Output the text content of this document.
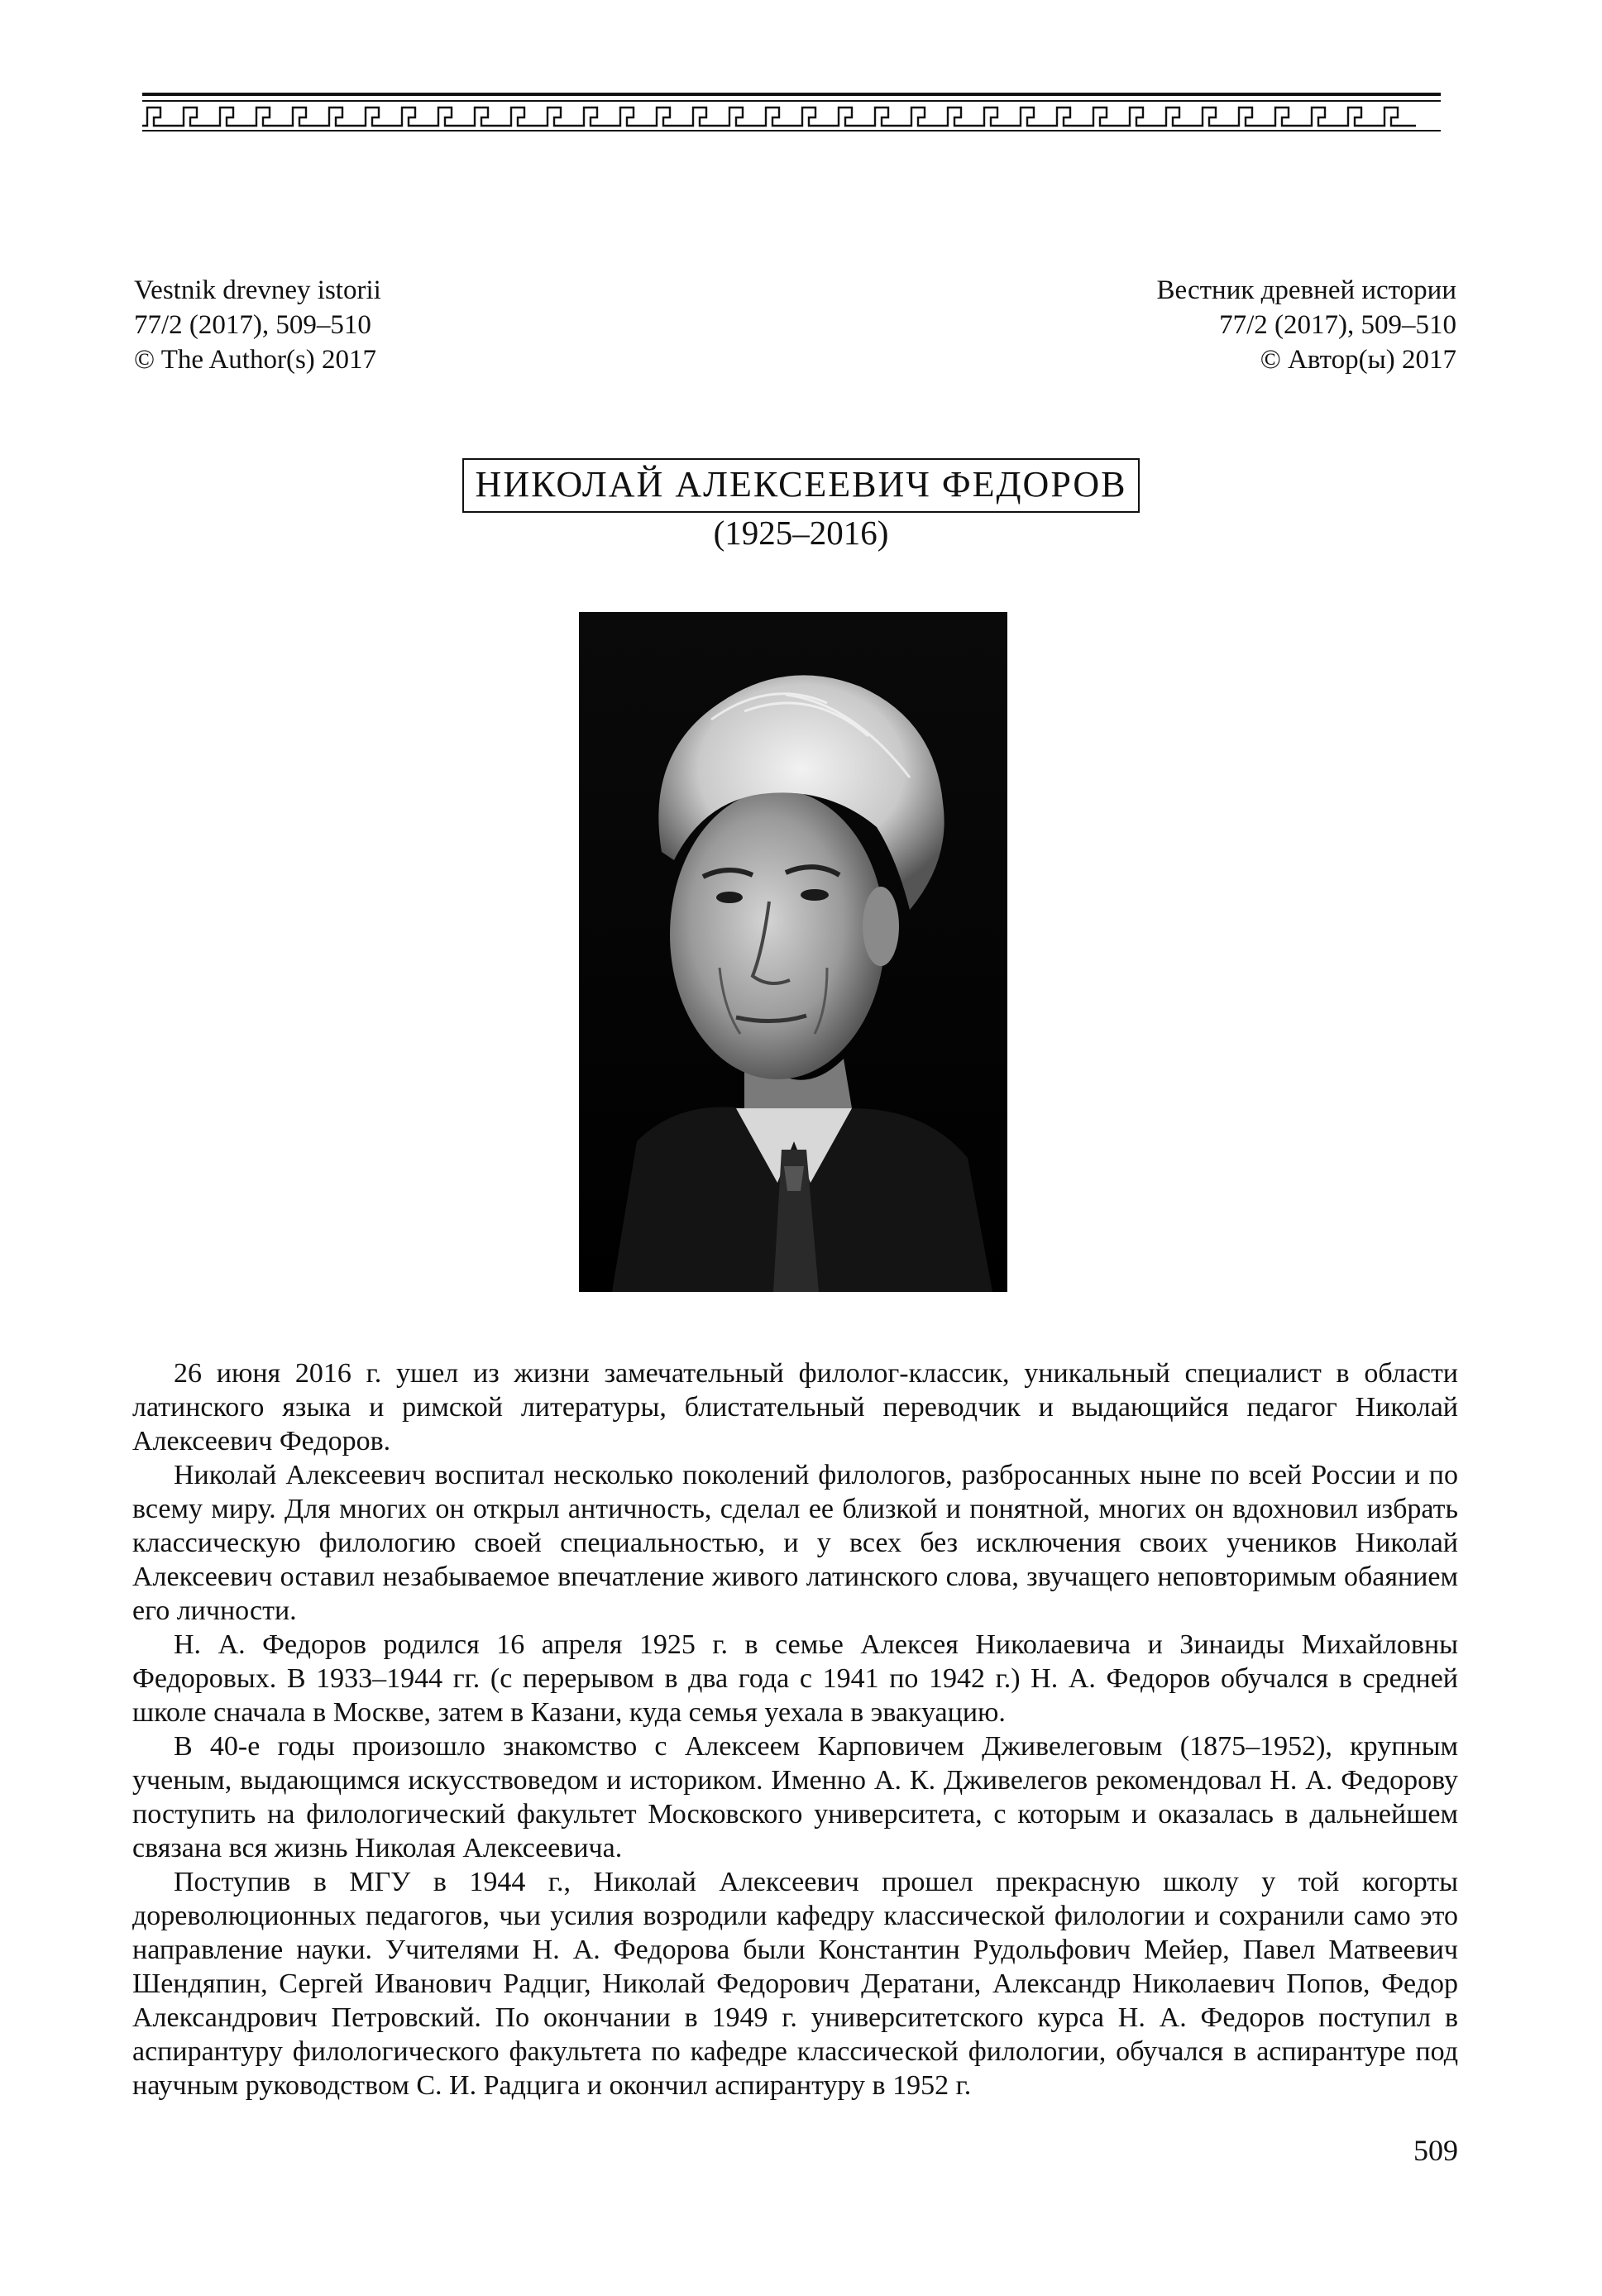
Vestnik drevney istorii
77/2 (2017), 509–510
© The Author(s) 2017
Вестник древней истории
77/2 (2017), 509–510
© Автор(ы) 2017
НИКОЛАЙ АЛЕКСЕЕВИЧ ФЕДОРОВ
(1925–2016)

26 июня 2016 г. ушел из жизни замечательный филолог-классик, уникальный специалист в области латинского языка и римской литературы, блистательный переводчик и выдающийся педагог Николай Алексеевич Федоров.

Николай Алексеевич воспитал несколько поколений филологов, разбросанных ныне по всей России и по всему миру. Для многих он открыл античность, сделал ее близкой и понятной, многих он вдохновил избрать классическую филологию своей специальностью, и у всех без исключения своих учеников Николай Алексеевич оставил незабываемое впечатление живого латинского слова, звучащего неповторимым обаянием его личности.

Н. А. Федоров родился 16 апреля 1925 г. в семье Алексея Николаевича и Зинаиды Михайловны Федоровых. В 1933–1944 гг. (с перерывом в два года с 1941 по 1942 г.) Н. А. Федоров обучался в средней школе сначала в Москве, затем в Казани, куда семья уехала в эвакуацию.

В 40-е годы произошло знакомство с Алексеем Карповичем Дживелеговым (1875–1952), крупным ученым, выдающимся искусствоведом и историком. Именно А. К. Дживелегов рекомендовал Н. А. Федорову поступить на филологический факультет Московского университета, с которым и оказалась в дальнейшем связана вся жизнь Николая Алексеевича.

Поступив в МГУ в 1944 г., Николай Алексеевич прошел прекрасную школу у той когорты дореволюционных педагогов, чьи усилия возродили кафедру классической филологии и сохранили само это направление науки. Учителями Н. А. Федорова были Константин Рудольфович Мейер, Павел Матвеевич Шендяпин, Сергей Иванович Радциг, Николай Федорович Дератани, Александр Николаевич Попов, Федор Александрович Петровский. По окончании в 1949 г. университетского курса Н. А. Федоров поступил в аспирантуру филологического факультета по кафедре классической филологии, обучался в аспирантуре под научным руководством С. И. Радцига и окончил аспирантуру в 1952 г.

509
